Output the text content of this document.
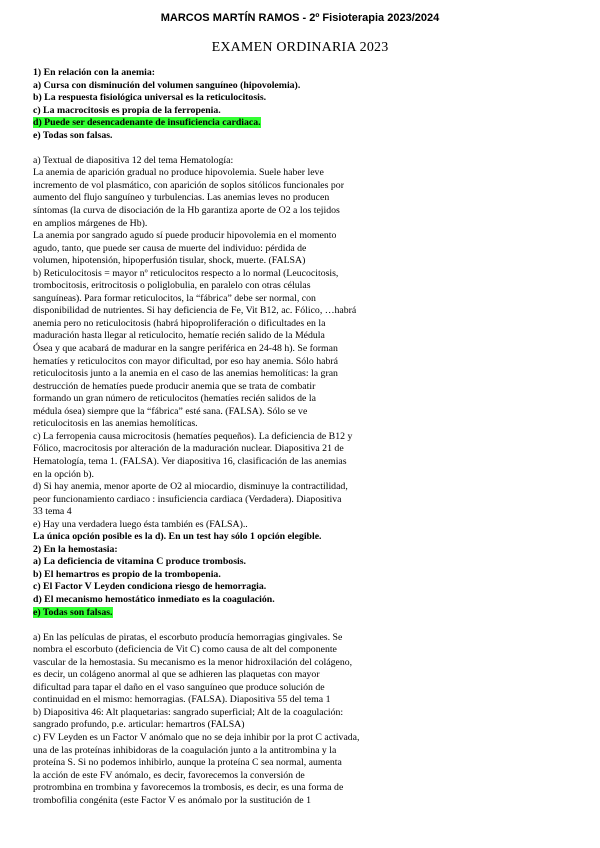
MARCOS MARTÍN RAMOS - 2º Fisioterapia 2023/2024
EXAMEN ORDINARIA 2023

1) En relación con la anemia:

a) Cursa con disminución del volumen sanguíneo (hipovolemia).

b) La respuesta fisiológica universal es la reticulocitosis.

c) La macrocitosis es propia de la ferropenia.

d) Puede ser desencadenante de insuficiencia cardiaca.

e) Todas son falsas.

a) Textual de diapositiva 12 del tema Hematología:

La anemia de aparición gradual no produce hipovolemia. Suele haber leve

incremento de vol plasmático, con aparición de soplos sitólicos funcionales por

aumento del flujo sanguíneo y turbulencias. Las anemias leves no producen

síntomas (la curva de disociación de la Hb garantiza aporte de O2 a los tejidos

en amplios márgenes de Hb).

La anemia por sangrado agudo sí puede producir hipovolemia en el momento

agudo, tanto, que puede ser causa de muerte del individuo: pérdida de

volumen, hipotensión, hipoperfusión tisular, shock, muerte. (FALSA)

b) Reticulocitosis = mayor nº reticulocitos respecto a lo normal (Leucocitosis,

trombocitosis, eritrocitosis o poliglobulia, en paralelo con otras células

sanguíneas). Para formar reticulocitos, la “fábrica” debe ser normal, con

disponibilidad de nutrientes. Si hay deficiencia de Fe, Vit B12, ac. Fólico, …habrá

anemia pero no reticulocitosis (habrá hipoproliferación o dificultades en la

maduración hasta llegar al reticulocito, hematíe recién salido de la Médula

Ósea y que acabará de madurar en la sangre periférica en 24-48 h). Se forman

hematíes y reticulocitos con mayor dificultad, por eso hay anemia. Sólo habrá

reticulocitosis junto a la anemia en el caso de las anemias hemolíticas: la gran

destrucción de hematíes puede producir anemia que se trata de combatir

formando un gran número de reticulocitos (hematíes recién salidos de la

médula ósea) siempre que la “fábrica” esté sana. (FALSA). Sólo se ve

reticulocitosis en las anemias hemolíticas.

c) La ferropenia causa microcitosis (hematíes pequeños). La deficiencia de B12 y

Fólico, macrocitosis por alteración de la maduración nuclear. Diapositiva 21 de

Hematología, tema 1. (FALSA). Ver diapositiva 16, clasificación de las anemias

en la opción b).

d) Si hay anemia, menor aporte de O2 al miocardio, disminuye la contractilidad,

peor funcionamiento cardiaco : insuficiencia cardiaca (Verdadera). Diapositiva

33 tema 4

e) Hay una verdadera luego ésta también es (FALSA)..

La única opción posible es la d). En un test hay sólo 1 opción elegible.

2) En la hemostasia:

a) La deficiencia de vitamina C produce trombosis.

b) El hemartros es propio de la trombopenia.

c) El Factor V Leyden condiciona riesgo de hemorragia.

d) El mecanismo hemostático inmediato es la coagulación.

e) Todas son falsas.

a) En las películas de piratas, el escorbuto producía hemorragias gingivales. Se

nombra el escorbuto (deficiencia de Vit C) como causa de alt del componente

vascular de la hemostasia. Su mecanismo es la menor hidroxilación del colágeno,

es decir, un colágeno anormal al que se adhieren las plaquetas con mayor

dificultad para tapar el daño en el vaso sanguíneo que produce solución de

continuidad en el mismo: hemorragias. (FALSA). Diapositiva 55 del tema 1

b) Diapositiva 46: Alt plaquetarias: sangrado superficial; Alt de la coagulación:

sangrado profundo, p.e. articular: hemartros (FALSA)

c) FV Leyden es un Factor V anómalo que no se deja inhibir por la prot C activada,

una de las proteínas inhibidoras de la coagulación junto a la antitrombina y la

proteína S. Si no podemos inhibirlo, aunque la proteína C sea normal, aumenta

la acción de este FV anómalo, es decir, favorecemos la conversión de

protrombina en trombina y favorecemos la trombosis, es decir, es una forma de

trombofilia congénita (este Factor V es anómalo por la sustitución de 1
